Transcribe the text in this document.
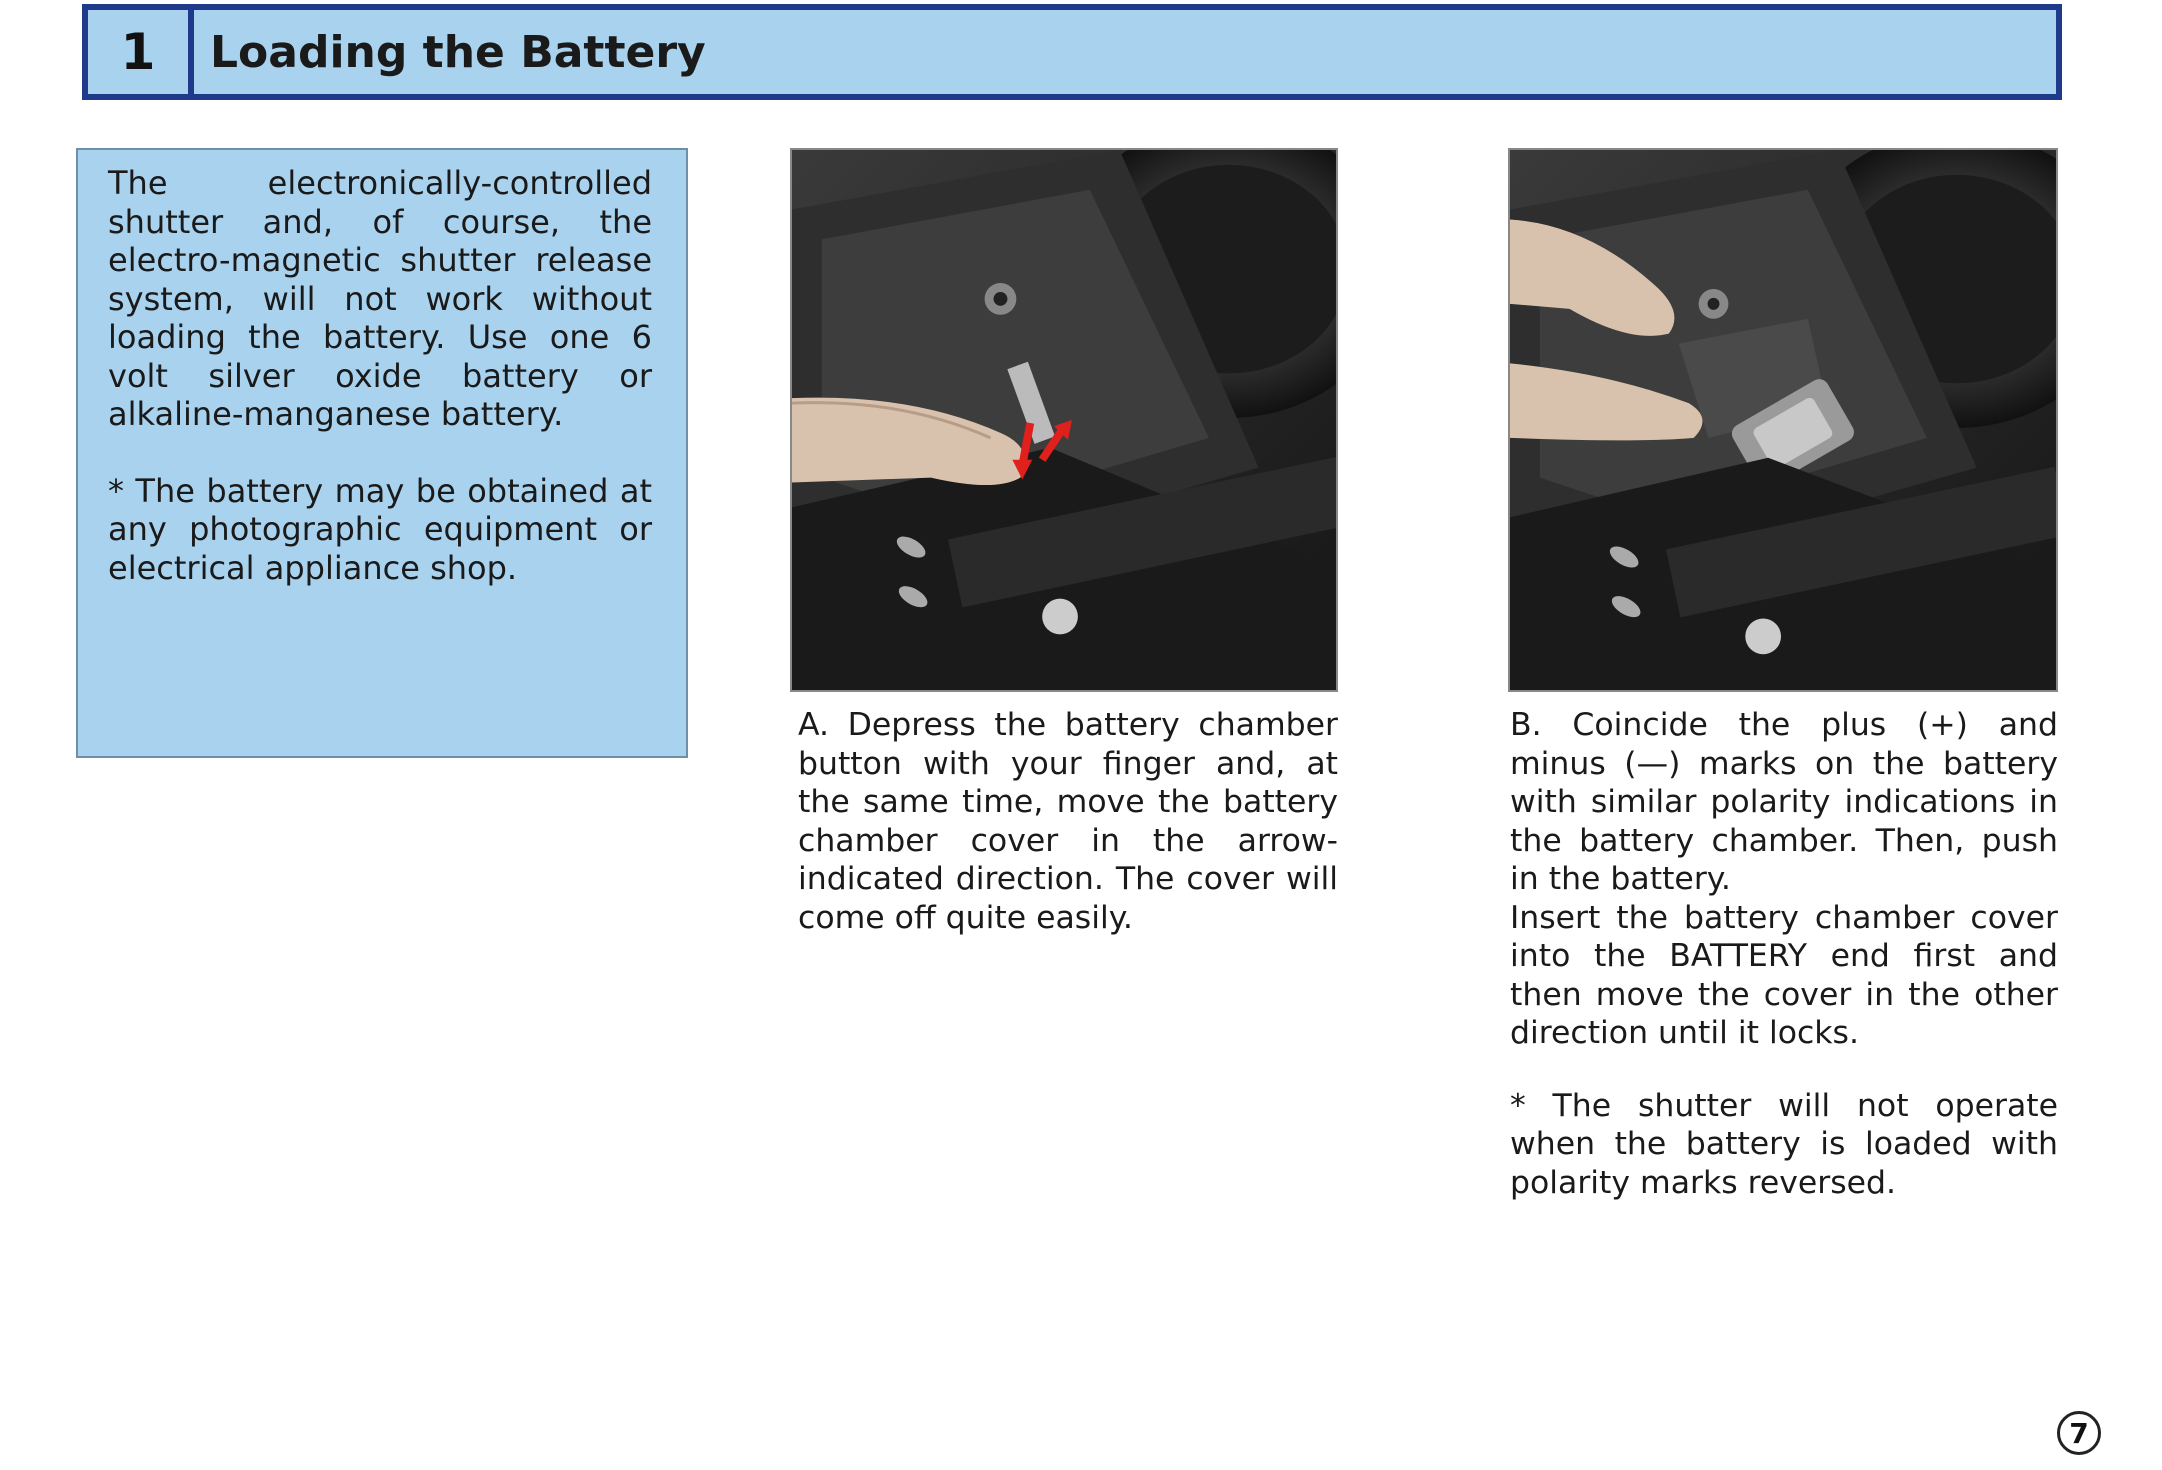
1	Loading the Battery

The electronically-controlled shutter and, of course, the electro-magnetic shutter release system, will not work without loading the battery. Use one 6 volt silver oxide battery or alkaline-manganese battery.

* The battery may be obtained at any photographic equipment or electrical appliance shop.

A. Depress the battery chamber button with your finger and, at the same time, move the battery chamber cover in the arrow-indicated direction. The cover will come off quite easily.

B. Coincide the plus (+) and minus (—) marks on the battery with similar polarity indications in the battery chamber. Then, push in the battery.

Insert the battery chamber cover into the BATTERY end first and then move the cover in the other direction until it locks.

* The shutter will not operate when the battery is loaded with polarity marks reversed.

7
